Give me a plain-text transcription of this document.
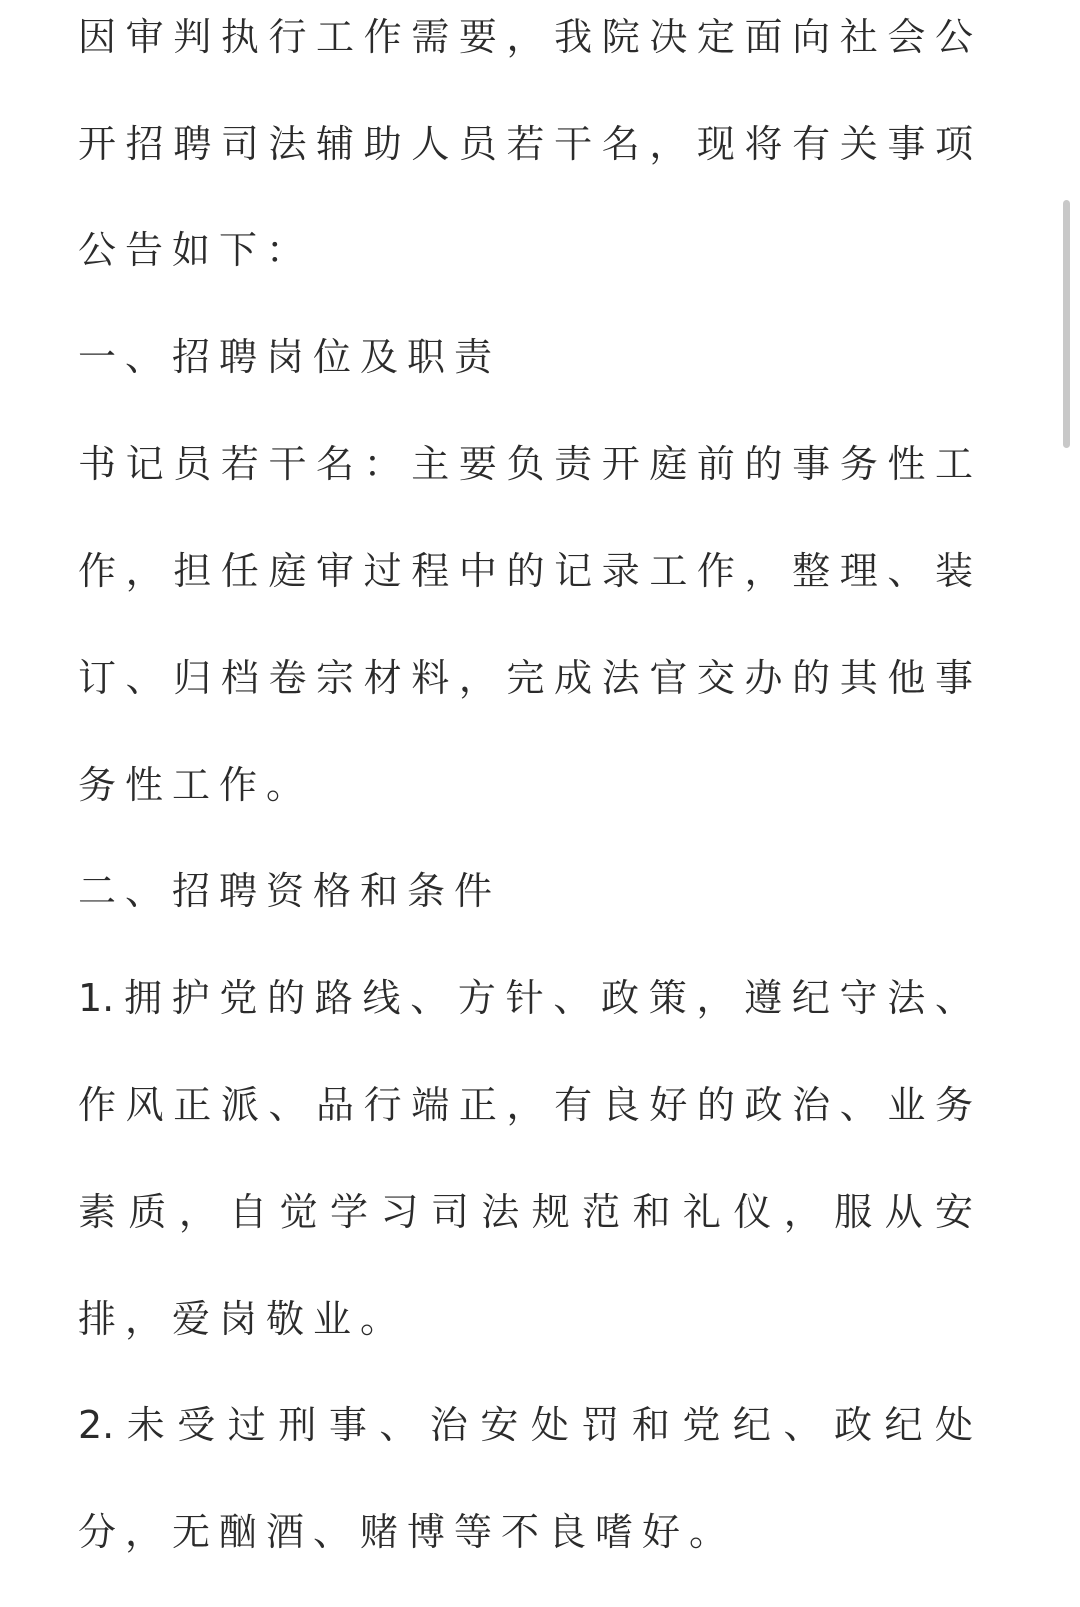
因审判执行工作需要，我院决定面向社会公
开招聘司法辅助人员若干名，现将有关事项
公告如下：
一、招聘岗位及职责
书记员若干名：主要负责开庭前的事务性工
作，担任庭审过程中的记录工作，整理、装
订、归档卷宗材料，完成法官交办的其他事
务性工作。
二、招聘资格和条件
1.拥护党的路线、方针、政策，遵纪守法、
作风正派、品行端正，有良好的政治、业务
素质，自觉学习司法规范和礼仪，服从安
排，爱岗敬业。
2.未受过刑事、治安处罚和党纪、政纪处
分，无酗酒、赌博等不良嗜好。
